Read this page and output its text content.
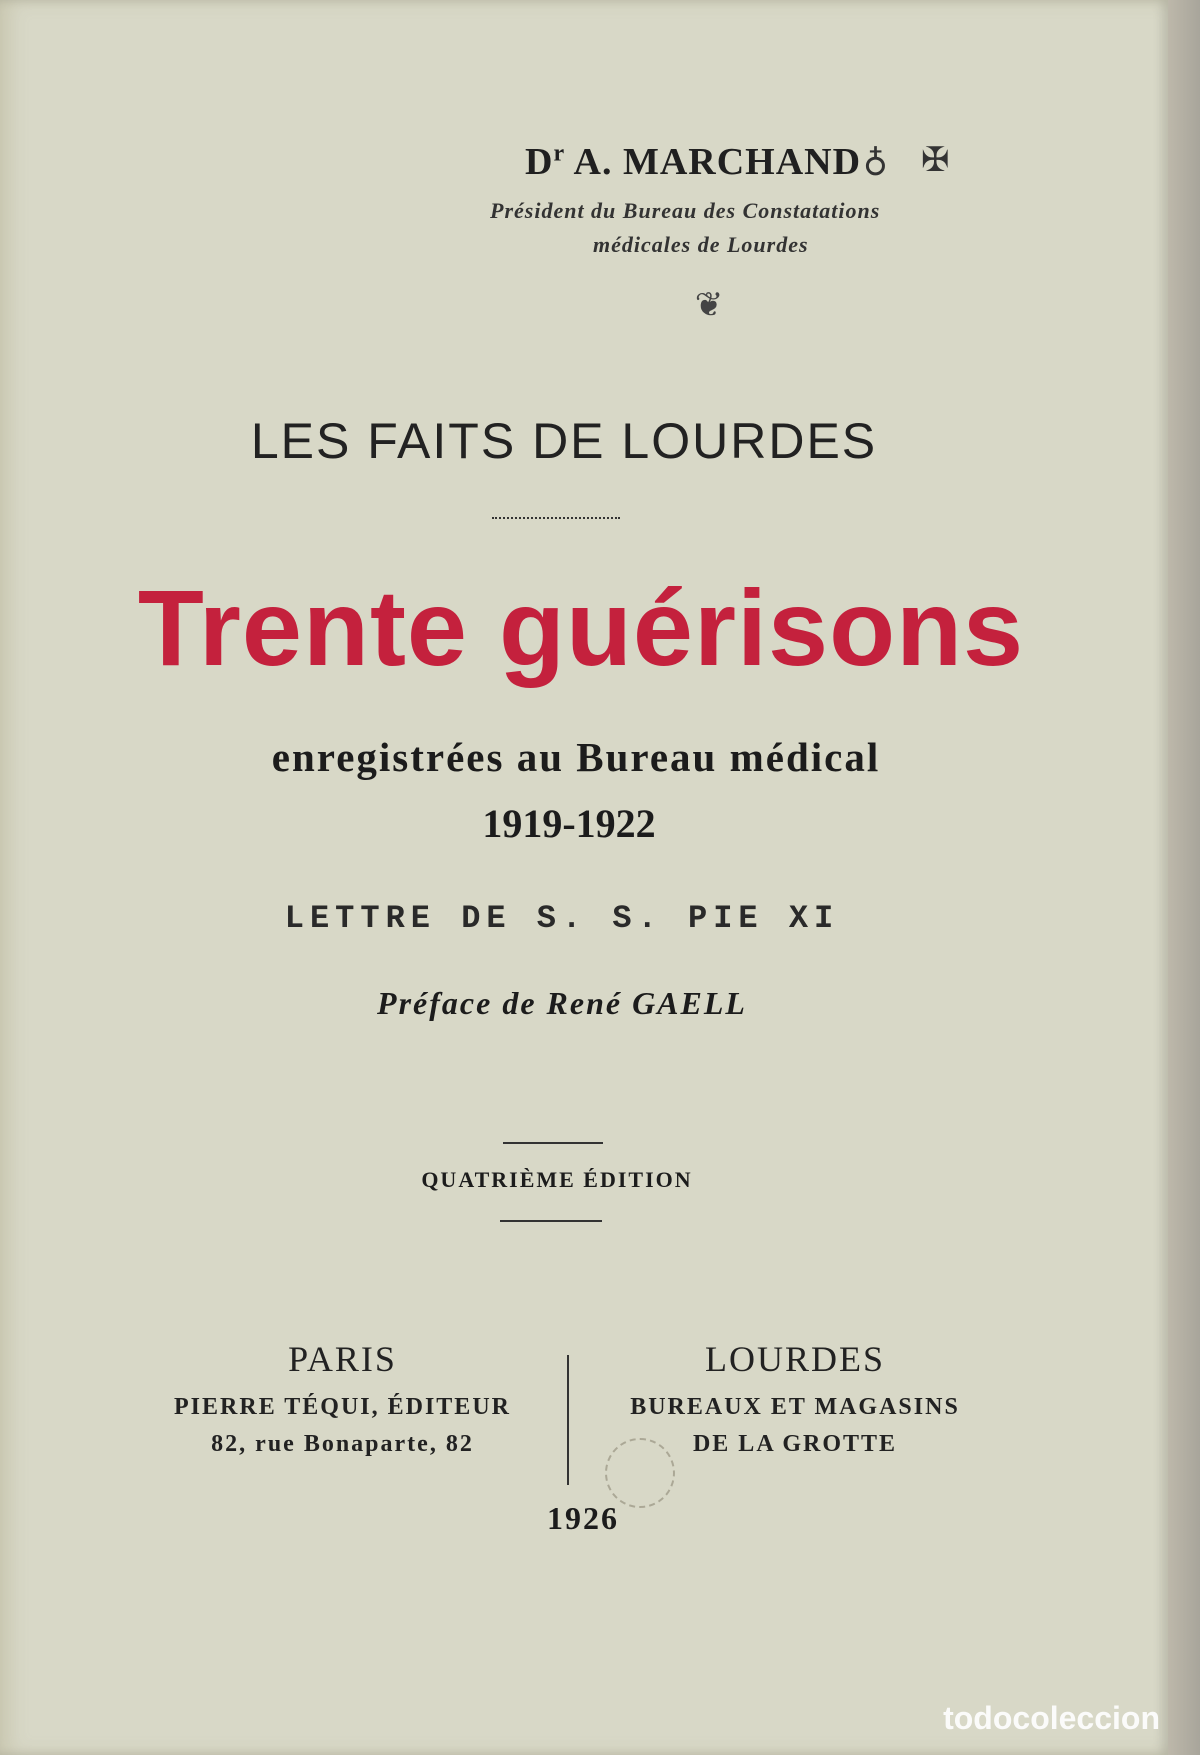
$D^r$ A. MARCHAND ♁ ✠
Président du Bureau des Constatations
médicales de Lourdes
❦
LES FAITS DE LOURDES
Trente guérisons
enregistrées au Bureau médical
1919-1922
LETTRE DE S. S. PIE XI
Préface de René GAELL
QUATRIÈME ÉDITION
PARIS
PIERRE TÉQUI, ÉDITEUR
82, rue Bonaparte, 82
LOURDES
BUREAUX ET MAGASINS
DE LA GROTTE
1926
todocoleccion
